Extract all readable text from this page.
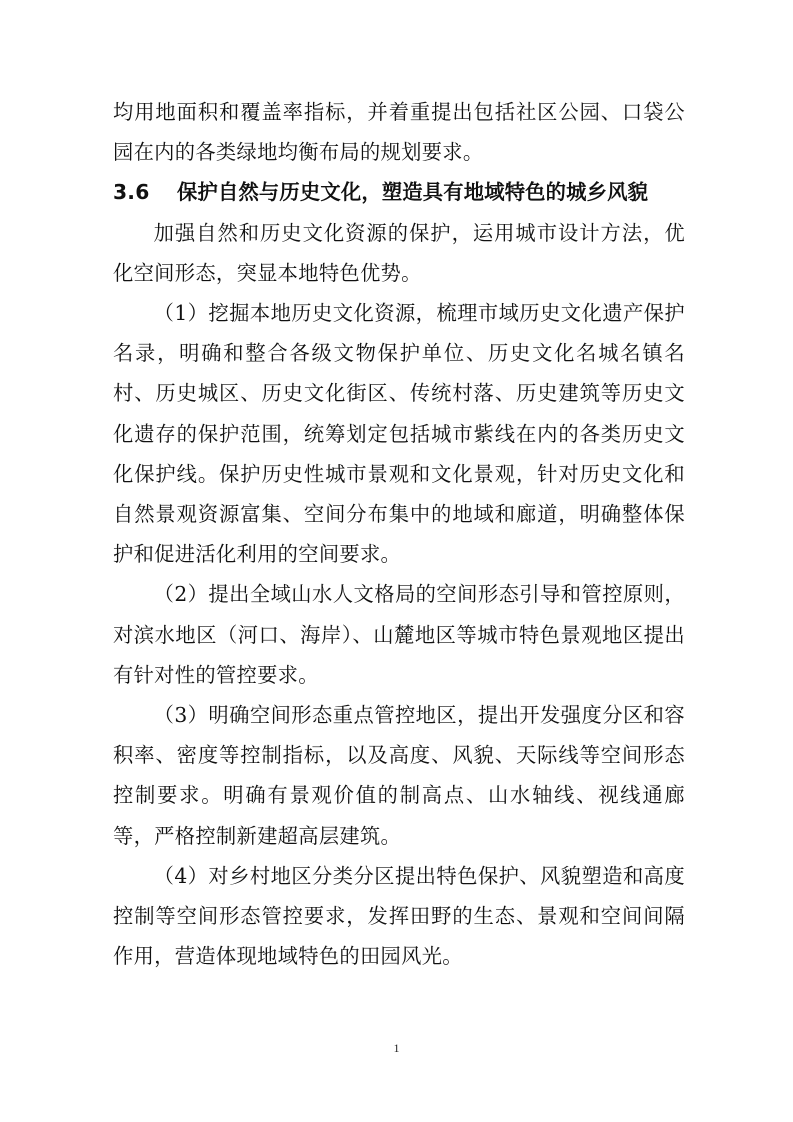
均用地面积和覆盖率指标，并着重提出包括社区公园、口袋公园在内的各类绿地均衡布局的规划要求。

3.6 保护自然与历史文化，塑造具有地域特色的城乡风貌

加强自然和历史文化资源的保护，运用城市设计方法，优化空间形态，突显本地特色优势。

（1）挖掘本地历史文化资源，梳理市域历史文化遗产保护名录，明确和整合各级文物保护单位、历史文化名城名镇名村、历史城区、历史文化街区、传统村落、历史建筑等历史文化遗存的保护范围，统筹划定包括城市紫线在内的各类历史文化保护线。保护历史性城市景观和文化景观，针对历史文化和自然景观资源富集、空间分布集中的地域和廊道，明确整体保护和促进活化利用的空间要求。

（2）提出全域山水人文格局的空间形态引导和管控原则，对滨水地区（河口、海岸）、山麓地区等城市特色景观地区提出有针对性的管控要求。

（3）明确空间形态重点管控地区，提出开发强度分区和容积率、密度等控制指标，以及高度、风貌、天际线等空间形态控制要求。明确有景观价值的制高点、山水轴线、视线通廊等，严格控制新建超高层建筑。

（4）对乡村地区分类分区提出特色保护、风貌塑造和高度控制等空间形态管控要求，发挥田野的生态、景观和空间间隔作用，营造体现地域特色的田园风光。

1
